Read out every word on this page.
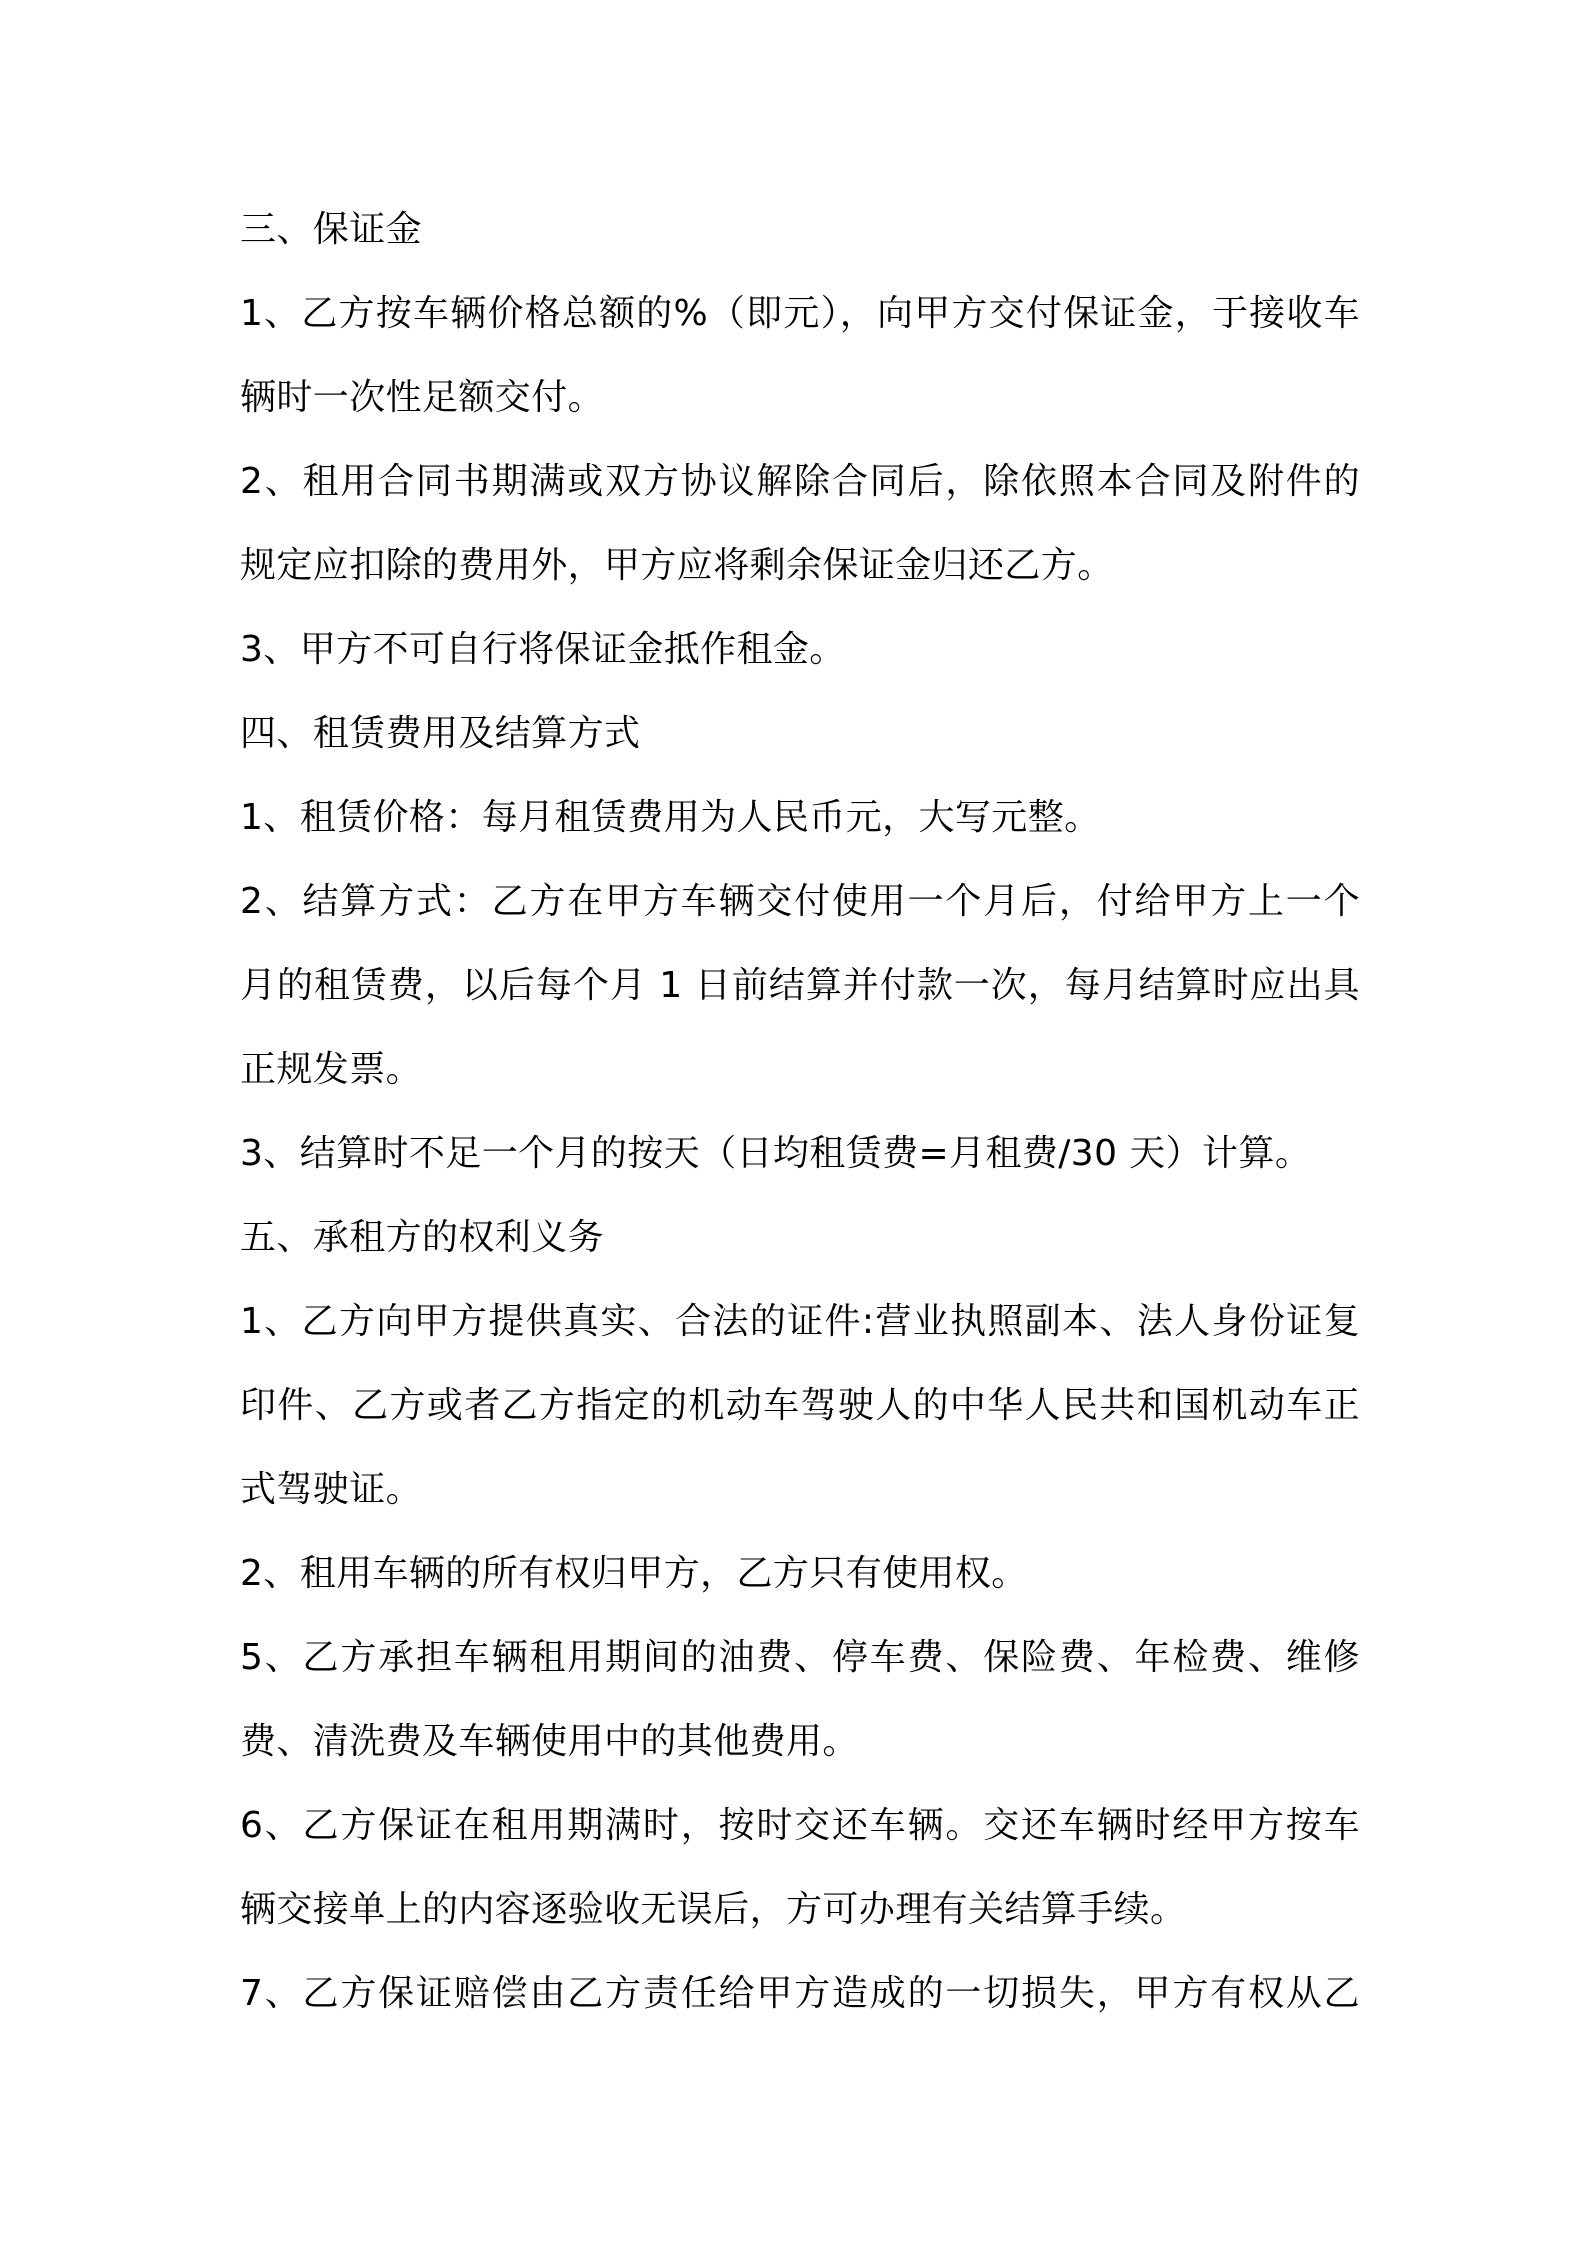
三、保证金
1、乙方按车辆价格总额的%（即元），向甲方交付保证金，于接收车
辆时一次性足额交付。
2、租用合同书期满或双方协议解除合同后，除依照本合同及附件的
规定应扣除的费用外，甲方应将剩余保证金归还乙方。
3、甲方不可自行将保证金抵作租金。
四、租赁费用及结算方式
1、租赁价格：每月租赁费用为人民币元，大写元整。
2、结算方式：乙方在甲方车辆交付使用一个月后，付给甲方上一个
月的租赁费，以后每个月 1 日前结算并付款一次，每月结算时应出具
正规发票。
3、结算时不足一个月的按天（日均租赁费=月租费/30 天）计算。
五、承租方的权利义务
1、乙方向甲方提供真实、合法的证件:营业执照副本、法人身份证复
印件、乙方或者乙方指定的机动车驾驶人的中华人民共和国机动车正
式驾驶证。
2、租用车辆的所有权归甲方，乙方只有使用权。
5、乙方承担车辆租用期间的油费、停车费、保险费、年检费、维修
费、清洗费及车辆使用中的其他费用。
6、乙方保证在租用期满时，按时交还车辆。交还车辆时经甲方按车
辆交接单上的内容逐验收无误后，方可办理有关结算手续。
7、乙方保证赔偿由乙方责任给甲方造成的一切损失，甲方有权从乙
